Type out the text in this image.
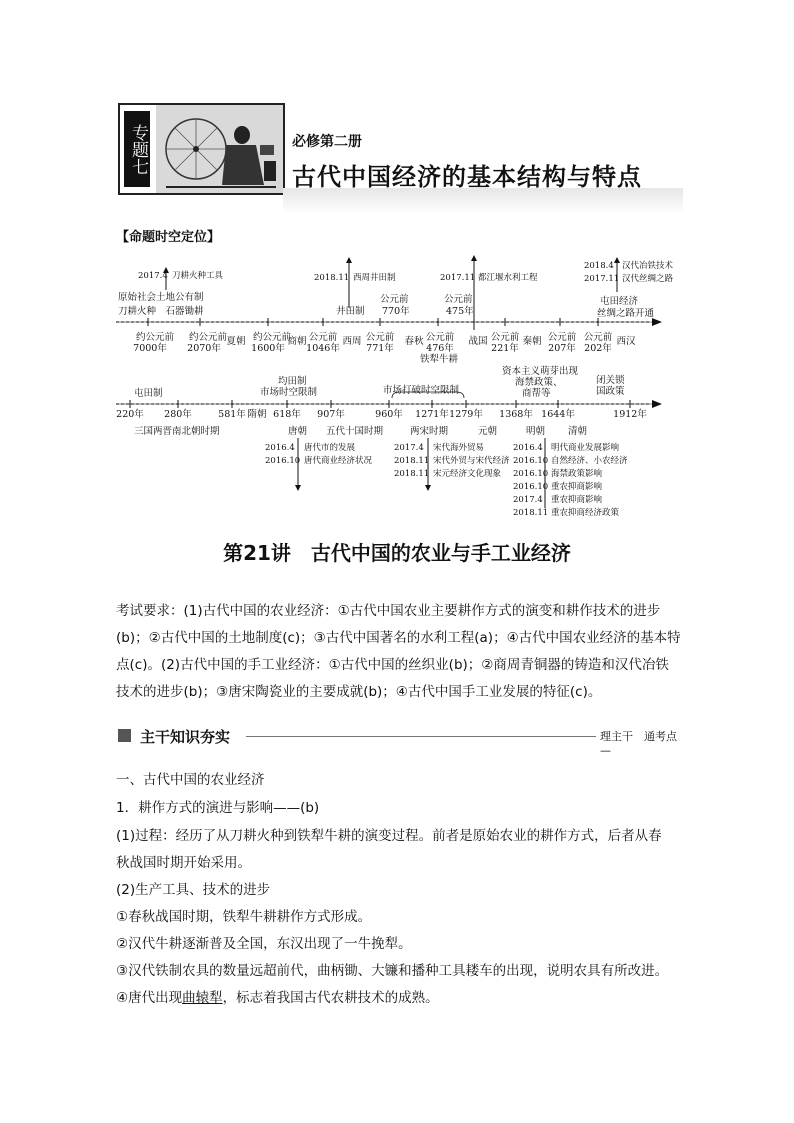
专题七	必修第二册
古代中国经济的基本结构与特点
【命题时空定位】
约公元前
7000年
约公元前
2070年
夏朝 约公元前
1600年
商朝 公元前
1046年
西周 公元前
771年
春秋 公元前
476年
战国 公元前
221年
秦朝 公元前
207年
公元前
202年
西汉
铁犁牛耕
原始社会土地公有制
刀耕火种　石器锄耕	井田制
公元前
770年
公元前
475年
屯田经济
丝绸之路开通
2017.4 刀耕火种工具	2018.11 西周井田制	2017.11 都江堰水利工程
2018.4 汉代冶铁技术
2017.11 汉代丝绸之路
220年 280年	581年 隋朝 618年 907年	960年 1271年 1279年 1368年 1644年	1912年
屯田制
均田制
市场时空限制	市场打破时空限制
资本主义萌芽出现
海禁政策、
商帮等
闭关锁
国政策
三国两晋南北朝时期	唐朝 五代十国时期	两宋时期	元朝	明朝 清朝
2016.4 唐代市的发展
2016.10 唐代商业经济状况
2017.4 宋代海外贸易
2018.11 宋代外贸与宋代经济
2018.11 宋元经济文化现象
2016.4 明代商业发展影响
2016.10 自然经济、小农经济
2016.10 海禁政策影响
2016.10 重农抑商影响
2017.4 重农抑商影响
2018.11 重农抑商经济政策
第21讲　古代中国的农业与手工业经济
考试要求：(1)古代中国的农业经济：①古代中国农业主要耕作方式的演变和耕作技术的进步(b)；②古代中国的土地制度(c)；③古代中国著名的水利工程(a)；④古代中国农业经济的基本特点(c)。(2)古代中国的手工业经济：①古代中国的丝织业(b)；②商周青铜器的铸造和汉代冶铁技术的进步(b)；③唐宋陶瓷业的主要成就(b)；④古代中国手工业发展的特征(c)。
主干知识夯实	理主干　通考点　—
一、古代中国的农业经济
1．耕作方式的演进与影响——(b)
(1)过程：经历了从刀耕火种到铁犁牛耕的演变过程。前者是原始农业的耕作方式，后者从春
秋战国时期开始采用。
(2)生产工具、技术的进步
①春秋战国时期，铁犁牛耕耕作方式形成。
②汉代牛耕逐渐普及全国，东汉出现了一牛挽犁。
③汉代铁制农具的数量远超前代，曲柄锄、大镰和播种工具耧车的出现，说明农具有所改进。
④唐代出现曲辕犁，标志着我国古代农耕技术的成熟。
